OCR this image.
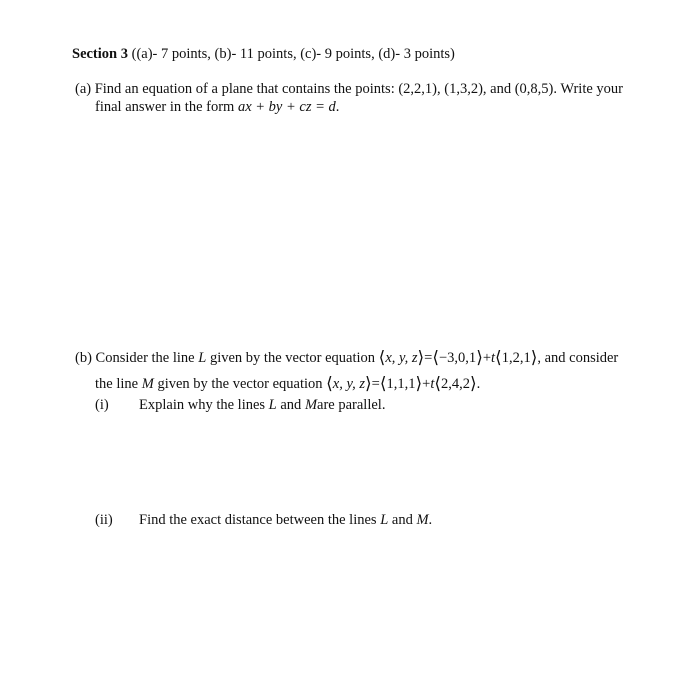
Section 3 ((a)- 7 points, (b)- 11 points, (c)- 9 points, (d)- 3 points)
(a) Find an equation of a plane that contains the points: (2,2,1), (1,3,2), and (0,8,5). Write your
final answer in the form ax + by + cz = d.
(b) Consider the line L given by the vector equation ⟨x, y, z⟩=⟨−3,0,1⟩+t⟨1,2,1⟩, and consider
the line M given by the vector equation ⟨x, y, z⟩=⟨1,1,1⟩+t⟨2,4,2⟩.
(i) Explain why the lines L and Mare parallel.
(ii) Find the exact distance between the lines L and M.
